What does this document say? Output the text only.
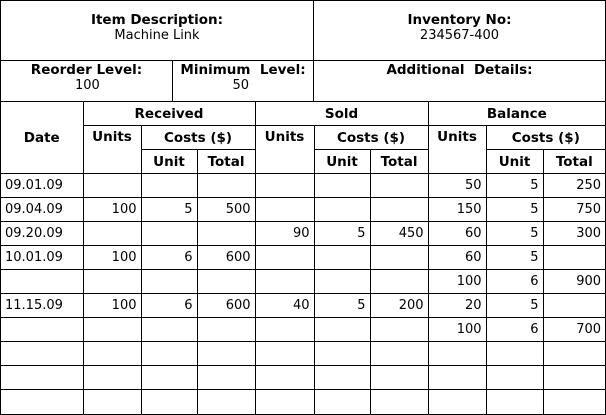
Item Description:
Machine Link
Inventory No:
234567-400
Reorder Level:
100
Minimum  Level:
50
Additional  Details:
Date	Received			Sold			Balance		
	Units	Costs ($)		Units	Costs ($)		Units	Costs ($)	
		Unit	Total		Unit	Total		Unit	Total
09.01.09							50	5	250
09.04.09	100	5	500				150	5	750
09.20.09				90	5	450	60	5	300
10.01.09	100	6	600				60	5	
							100	6	900
11.15.09	100	6	600	40	5	200	20	5	
							100	6	700
